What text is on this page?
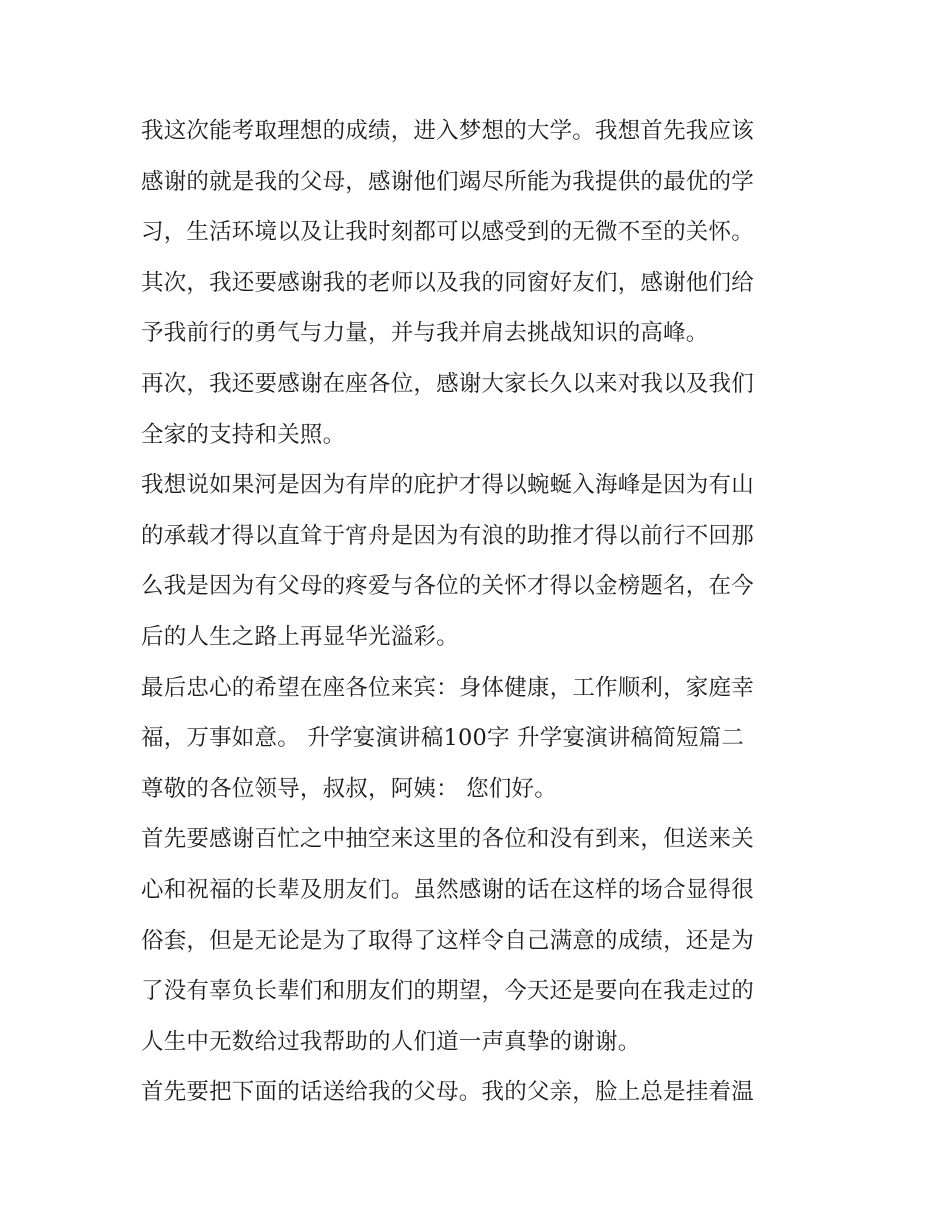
我这次能考取理想的成绩，进入梦想的大学。我想首先我应该
感谢的就是我的父母，感谢他们竭尽所能为我提供的最优的学
习，生活环境以及让我时刻都可以感受到的无微不至的关怀。
其次，我还要感谢我的老师以及我的同窗好友们，感谢他们给
予我前行的勇气与力量，并与我并肩去挑战知识的高峰。
再次，我还要感谢在座各位，感谢大家长久以来对我以及我们
全家的支持和关照。
我想说如果河是因为有岸的庇护才得以蜿蜒入海峰是因为有山
的承载才得以直耸于宵舟是因为有浪的助推才得以前行不回那
么我是因为有父母的疼爱与各位的关怀才得以金榜题名，在今
后的人生之路上再显华光溢彩。
最后忠心的希望在座各位来宾：身体健康，工作顺利，家庭幸
福，万事如意。 升学宴演讲稿100字 升学宴演讲稿简短篇二
尊敬的各位领导，叔叔，阿姨： 您们好。
首先要感谢百忙之中抽空来这里的各位和没有到来，但送来关
心和祝福的长辈及朋友们。虽然感谢的话在这样的场合显得很
俗套，但是无论是为了取得了这样令自己满意的成绩，还是为
了没有辜负长辈们和朋友们的期望，今天还是要向在我走过的
人生中无数给过我帮助的人们道一声真挚的谢谢。
首先要把下面的话送给我的父母。我的父亲，脸上总是挂着温
